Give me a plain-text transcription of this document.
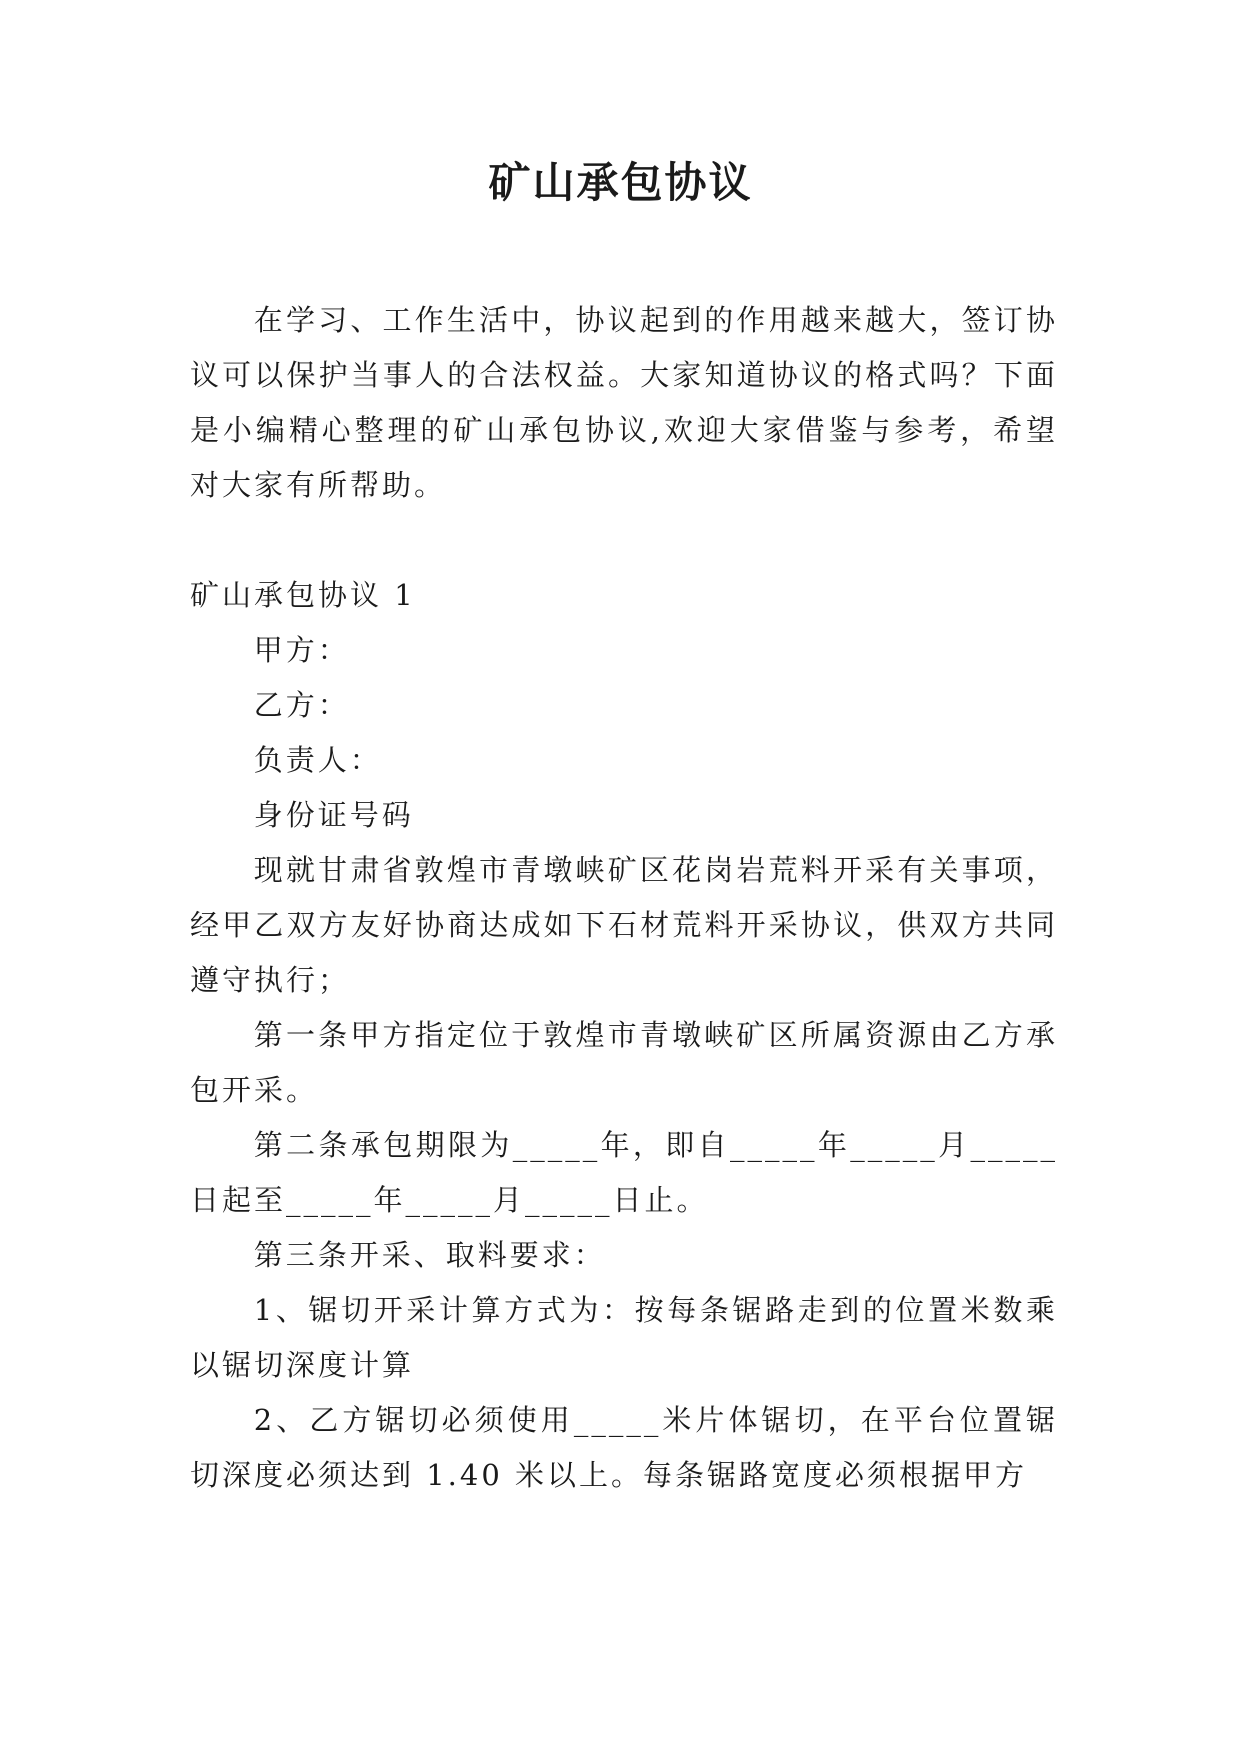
矿山承包协议

在学习、工作生活中，协议起到的作用越来越大，签订协议可以保护当事人的合法权益。大家知道协议的格式吗？下面是小编精心整理的矿山承包协议,欢迎大家借鉴与参考，希望对大家有所帮助。

矿山承包协议 1

甲方：

乙方：

负责人：

身份证号码

现就甘肃省敦煌市青墩峡矿区花岗岩荒料开采有关事项，经甲乙双方友好协商达成如下石材荒料开采协议，供双方共同遵守执行；

第一条甲方指定位于敦煌市青墩峡矿区所属资源由乙方承包开采。

第二条承包期限为_____年，即自_____年_____月_____日起至_____年_____月_____日止。

第三条开采、取料要求：

1、锯切开采计算方式为：按每条锯路走到的位置米数乘以锯切深度计算

2、乙方锯切必须使用_____米片体锯切，在平台位置锯切深度必须达到 1.40 米以上。每条锯路宽度必须根据甲方
